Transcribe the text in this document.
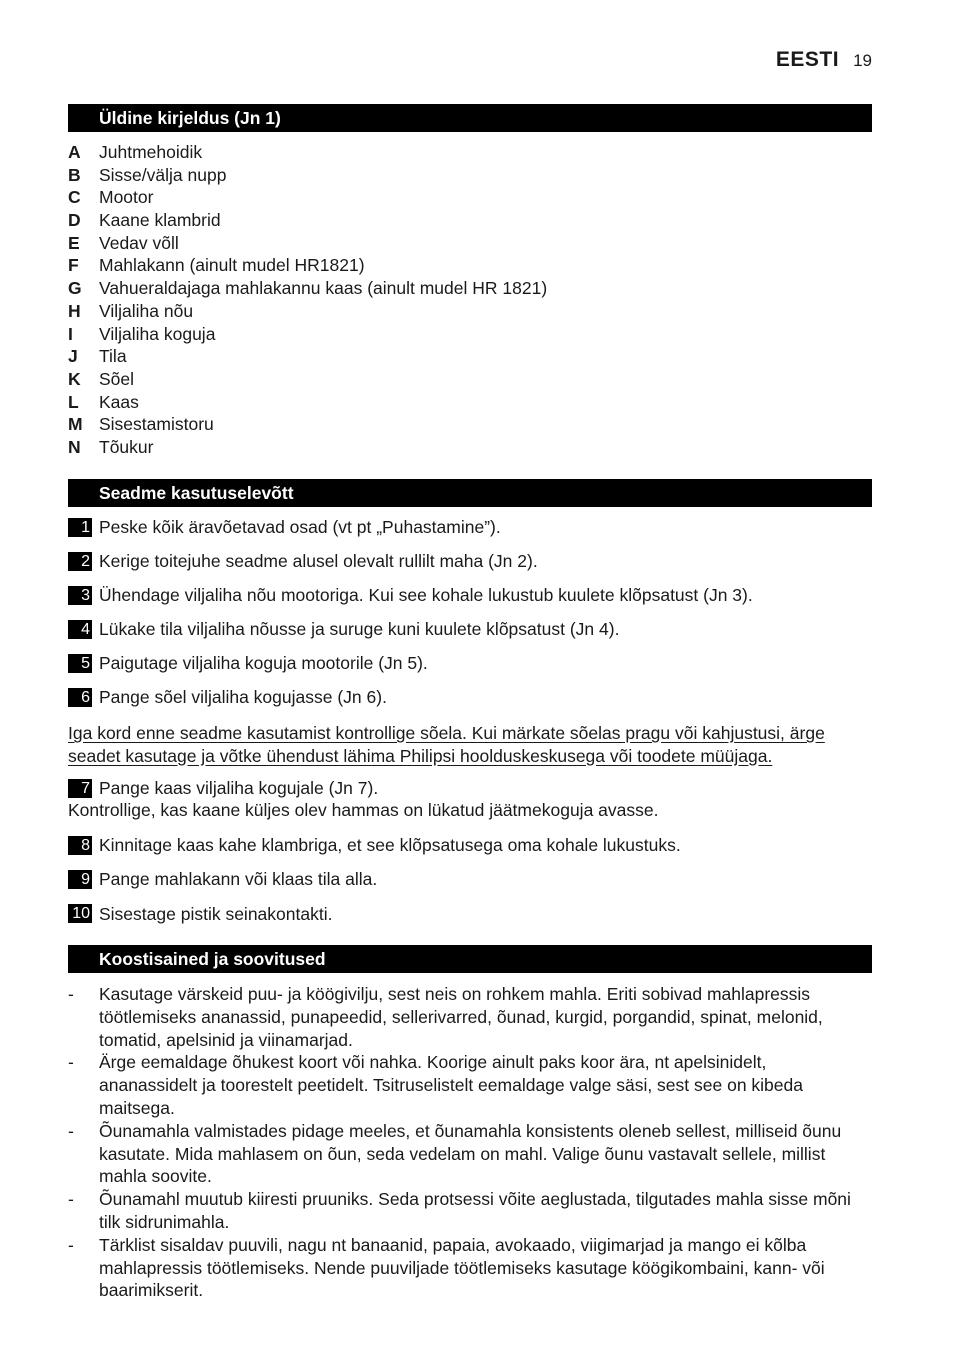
EESTI 19
Üldine kirjeldus (Jn 1)
A	Juhtmehoidik
B	Sisse/välja nupp
C	Mootor
D	Kaane klambrid
E	Vedav võll
F	Mahlakann (ainult mudel HR1821)
G Vahueraldajaga mahlakannu kaas (ainult mudel HR 1821)
H	Viljaliha nõu
I	Viljaliha koguja
J	Tila
K	Sõel
L	Kaas
M Sisestamistoru
N	Tõukur
Seadme kasutuselevõtt
1 Peske kõik äravõetavad osad (vt pt „Puhastamine”).
2 Kerige toitejuhe seadme alusel olevalt rullilt maha (Jn 2).
3 Ühendage viljaliha nõu mootoriga. Kui see kohale lukustub kuulete klõpsatust (Jn 3).
4 Lükake tila viljaliha nõusse ja suruge kuni kuulete klõpsatust (Jn 4).
5 Paigutage viljaliha koguja mootorile (Jn 5).
6 Pange sõel viljaliha kogujasse (Jn 6).
Iga kord enne seadme kasutamist kontrollige sõela. Kui märkate sõelas pragu või kahjustusi, ärge seadet kasutage ja võtke ühendust lähima Philipsi hoolduskeskusega või toodete müüjaga.
7 Pange kaas viljaliha kogujale (Jn 7).
Kontrollige, kas kaane küljes olev hammas on lükatud jäätmekoguja avasse.
8 Kinnitage kaas kahe klambriga, et see klõpsatusega oma kohale lukustuks.
9 Pange mahlakann või klaas tila alla.
10 Sisestage pistik seinakontakti.
Koostisained ja soovitused
-	Kasutage värskeid puu- ja köögivilju, sest neis on rohkem mahla. Eriti sobivad mahlapressis töötlemiseks ananassid, punapeedid, sellerivarred, õunad, kurgid, porgandid, spinat, melonid, tomatid, apelsinid ja viinamarjad.
-	Ärge eemaldage õhukest koort või nahka. Koorige ainult paks koor ära, nt apelsinidelt, ananassidelt ja toorestelt peetidelt. Tsitruselistelt eemaldage valge säsi, sest see on kibeda maitsega.
-	Õunamahla valmistades pidage meeles, et õunamahla konsistents oleneb sellest, milliseid õunu kasutate. Mida mahlasem on õun, seda vedelam on mahl. Valige õunu vastavalt sellele, millist mahla soovite.
-	Õunamahl muutub kiiresti pruuniks. Seda protsessi võite aeglustada, tilgutades mahla sisse mõni tilk sidrunimahla.
-	Tärklist sisaldav puuvili, nagu nt banaanid, papaia, avokaado, viigimarjad ja mango ei kõlba mahlapressis töötlemiseks. Nende puuviljade töötlemiseks kasutage köögikombaini, kann- või baarimikserit.
